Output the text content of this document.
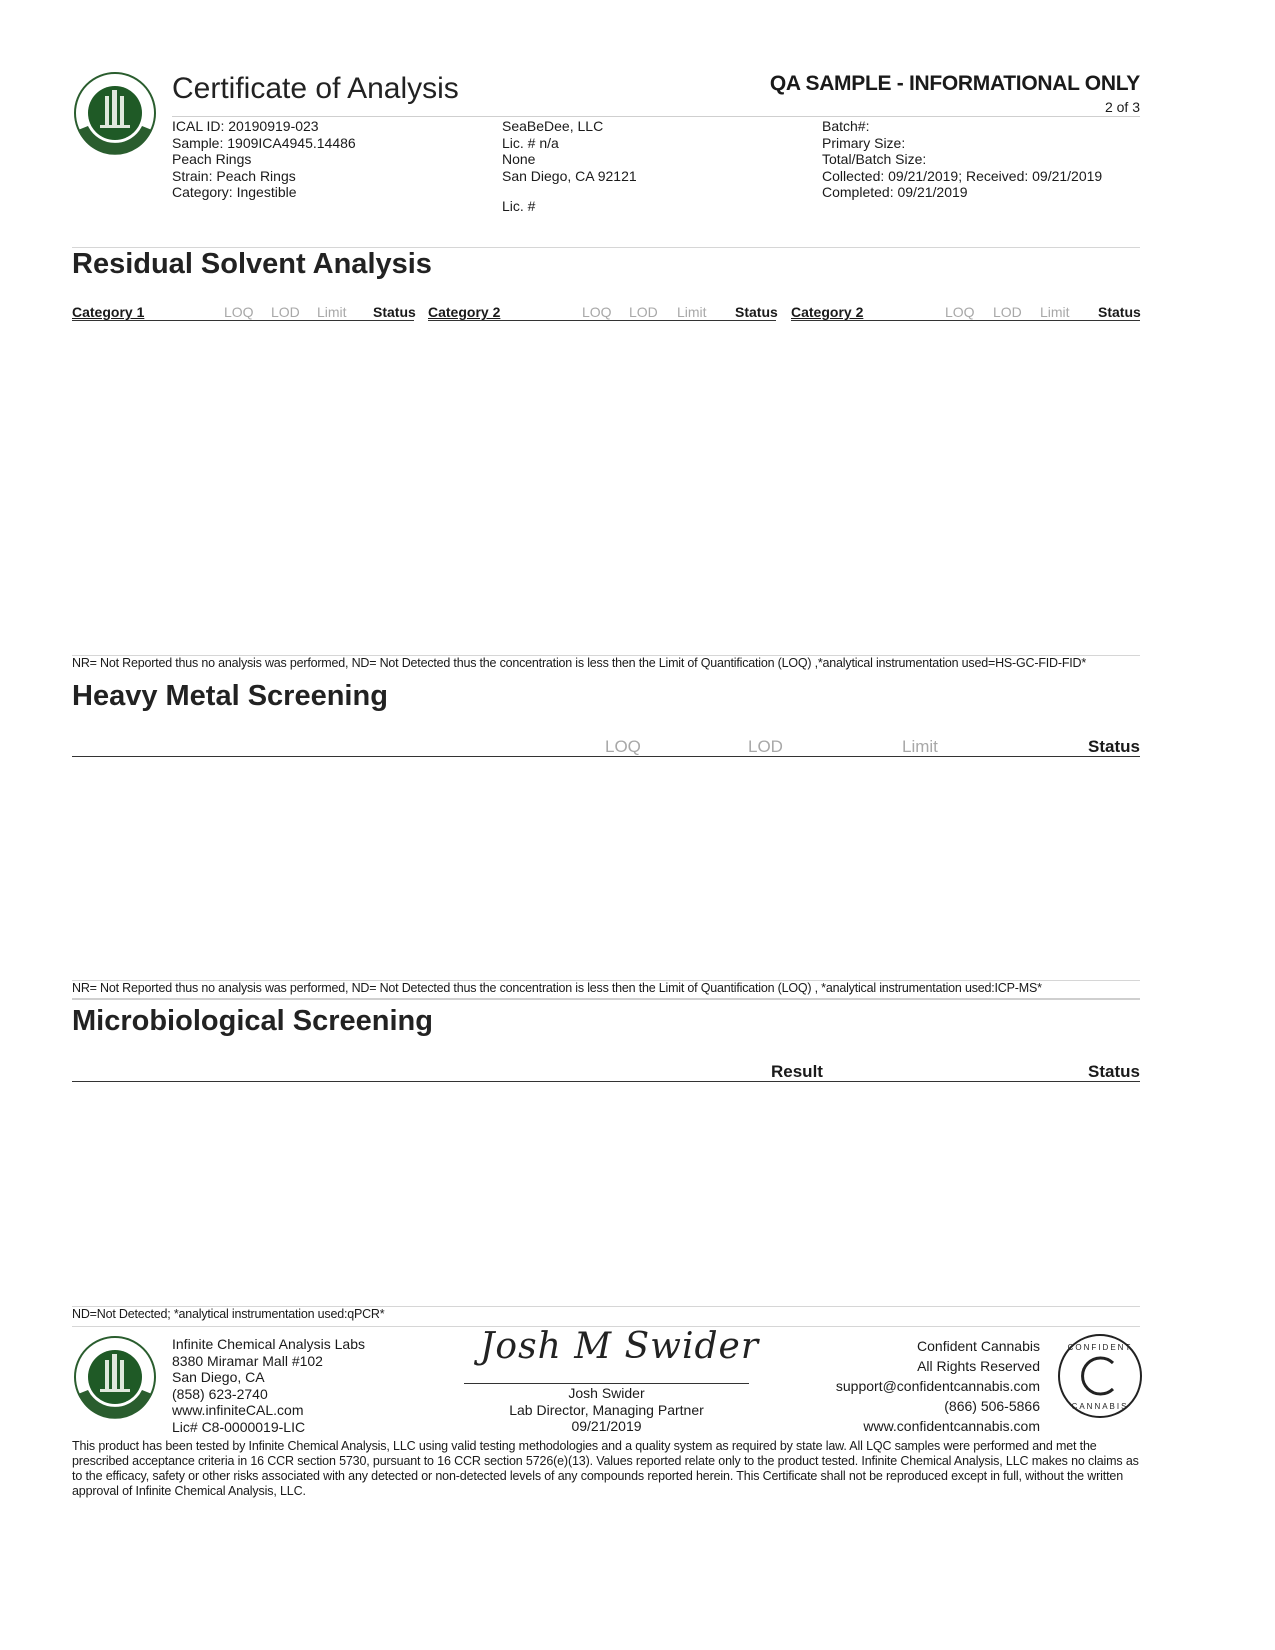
Certificate of Analysis	QA SAMPLE - INFORMATIONAL ONLY
2 of 3
ICAL ID: 20190919-023
Sample: 1909ICA4945.14486
Peach Rings
Strain: Peach Rings
Category: Ingestible
SeaBeDee, LLC
Lic. # n/a
None
San Diego, CA 92121
Lic. #
Batch#:
Primary Size:
Total/Batch Size:
Collected: 09/21/2019; Received: 09/21/2019
Completed: 09/21/2019
Residual Solvent Analysis
Category 1	LOQ LOD Limit Status Category 2	LOQ LOD Limit Status Category 2	LOQ LOD Limit Status
NR= Not Reported thus no analysis was performed, ND= Not Detected thus the concentration is less then the Limit of Quantification (LOQ) ,*analytical instrumentation used=HS-GC-FID-FID*
Heavy Metal Screening
LOQ	LOD	Limit	Status
NR= Not Reported thus no analysis was performed, ND= Not Detected thus the concentration is less then the Limit of Quantification (LOQ) , *analytical instrumentation used:ICP-MS*
Microbiological Screening
Result	Status
ND=Not Detected; *analytical instrumentation used:qPCR*
Infinite Chemical Analysis Labs
8380 Miramar Mall #102
San Diego, CA
(858) 623-2740
www.infiniteCAL.com
Lic# C8-0000019-LIC
Josh M Swider
Josh Swider
Lab Director, Managing Partner
09/21/2019
Confident Cannabis
All Rights Reserved
support@confidentcannabis.com
(866) 506-5866
www.confidentcannabis.com
CONFIDENT
CANNABIS
This product has been tested by Infinite Chemical Analysis, LLC using valid testing methodologies and a quality system as required by state law. All LQC samples were performed and met the prescribed acceptance criteria in 16 CCR section 5730, pursuant to 16 CCR section 5726(e)(13). Values reported relate only to the product tested. Infinite Chemical Analysis, LLC makes no claims as to the efficacy, safety or other risks associated with any detected or non-detected levels of any compounds reported herein. This Certificate shall not be reproduced except in full, without the written approval of Infinite Chemical Analysis, LLC.
